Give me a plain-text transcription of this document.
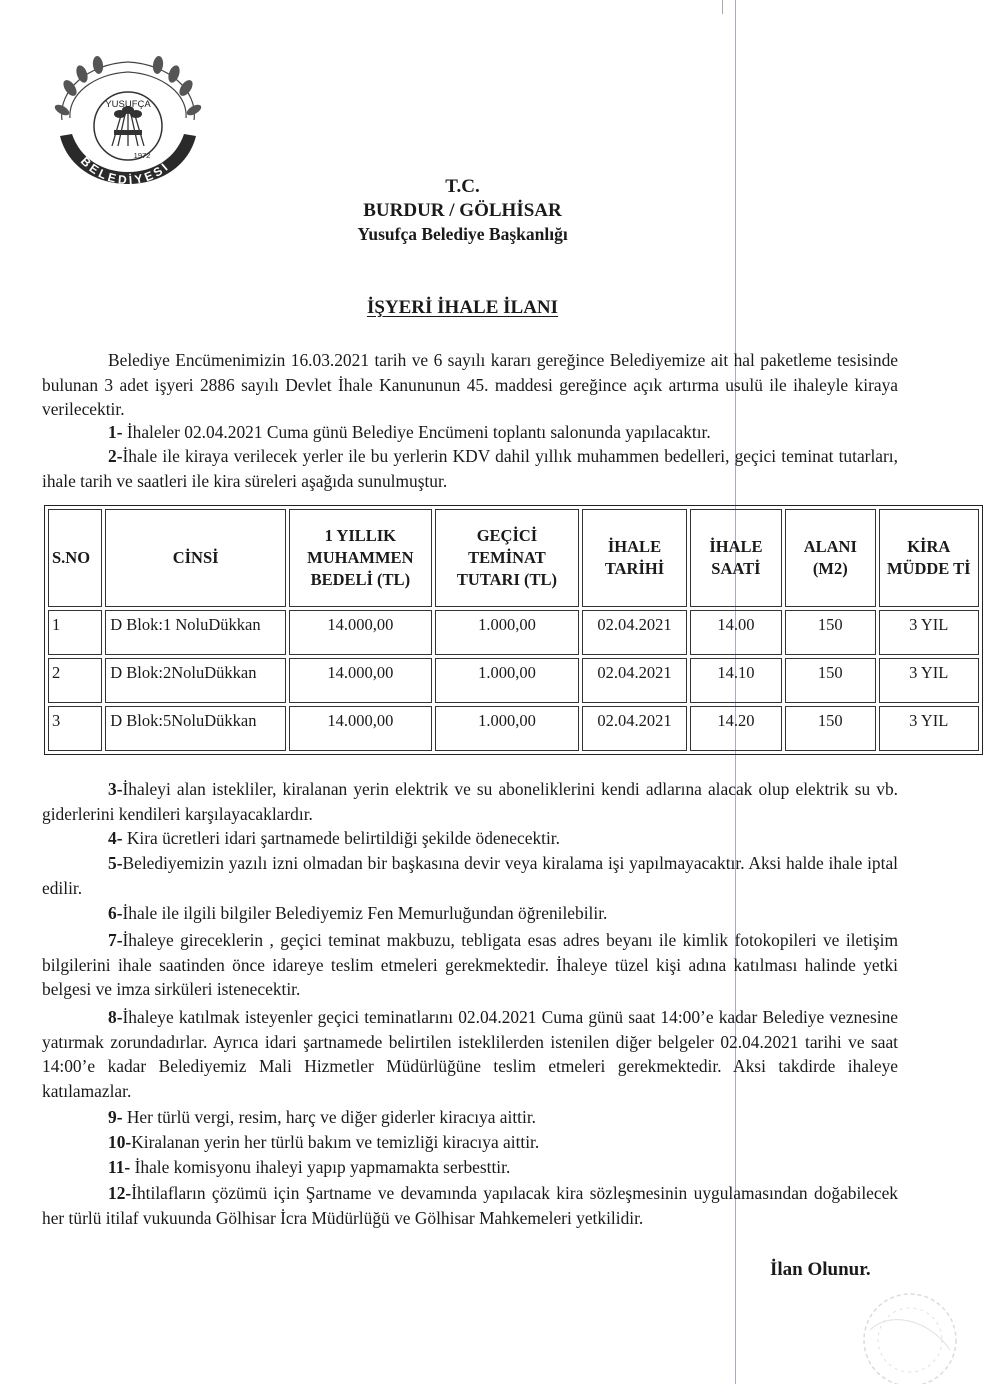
YUSUFÇA
1972
BELEDİYESİ
T.C.
BURDUR / GÖLHİSAR
Yusufça Belediye Başkanlığı
İŞYERİ İHALE İLANI
Belediye Encümenimizin 16.03.2021 tarih ve 6 sayılı kararı gereğince Belediyemize ait hal paketleme tesisinde bulunan 3 adet işyeri 2886 sayılı Devlet İhale Kanununun 45. maddesi gereğince açık artırma usulü ile ihaleyle kiraya verilecektir.
1- İhaleler 02.04.2021 Cuma günü Belediye Encümeni toplantı salonunda yapılacaktır.
2-İhale ile kiraya verilecek yerler ile bu yerlerin KDV dahil yıllık muhammen bedelleri, geçici teminat tutarları, ihale tarih ve saatleri ile kira süreleri aşağıda sunulmuştur.
S.NO	CİNSİ	1 YILLIK MUHAMMEN BEDELİ (TL)	GEÇİCİ TEMİNAT TUTARI (TL)	İHALE TARİHİ	İHALE SAATİ	ALANI (M2)	KİRA MÜDDE Tİ
1	D Blok:1 NoluDükkan	14.000,00	1.000,00	02.04.2021	14.00	150	3 YIL
2	D Blok:2NoluDükkan	14.000,00	1.000,00	02.04.2021	14.10	150	3 YIL
3	D Blok:5NoluDükkan	14.000,00	1.000,00	02.04.2021	14.20	150	3 YIL
3-İhaleyi alan istekliler, kiralanan yerin elektrik ve su aboneliklerini kendi adlarına alacak olup elektrik su vb. giderlerini kendileri karşılayacaklardır.
4- Kira ücretleri idari şartnamede belirtildiği şekilde ödenecektir.
5-Belediyemizin yazılı izni olmadan bir başkasına devir veya kiralama işi yapılmayacaktır. Aksi halde ihale iptal edilir.
6-İhale ile ilgili bilgiler Belediyemiz Fen Memurluğundan öğrenilebilir.
7-İhaleye gireceklerin , geçici teminat makbuzu, tebligata esas adres beyanı ile kimlik fotokopileri ve iletişim bilgilerini ihale saatinden önce idareye teslim etmeleri gerekmektedir. İhaleye tüzel kişi adına katılması halinde yetki belgesi ve imza sirküleri istenecektir.
8-İhaleye katılmak isteyenler geçici teminatlarını 02.04.2021 Cuma günü saat 14:00’e kadar Belediye veznesine yatırmak zorundadırlar. Ayrıca idari şartnamede belirtilen isteklilerden istenilen diğer belgeler 02.04.2021 tarihi ve saat 14:00’e kadar Belediyemiz Mali Hizmetler Müdürlüğüne teslim etmeleri gerekmektedir. Aksi takdirde ihaleye katılamazlar.
9- Her türlü vergi, resim, harç ve diğer giderler kiracıya aittir.
10-Kiralanan yerin her türlü bakım ve temizliği kiracıya aittir.
11- İhale komisyonu ihaleyi yapıp yapmamakta serbesttir.
12-İhtilafların çözümü için Şartname ve devamında yapılacak kira sözleşmesinin uygulamasından doğabilecek her türlü itilaf vukuunda Gölhisar İcra Müdürlüğü ve Gölhisar Mahkemeleri yetkilidir.
İlan Olunur.
